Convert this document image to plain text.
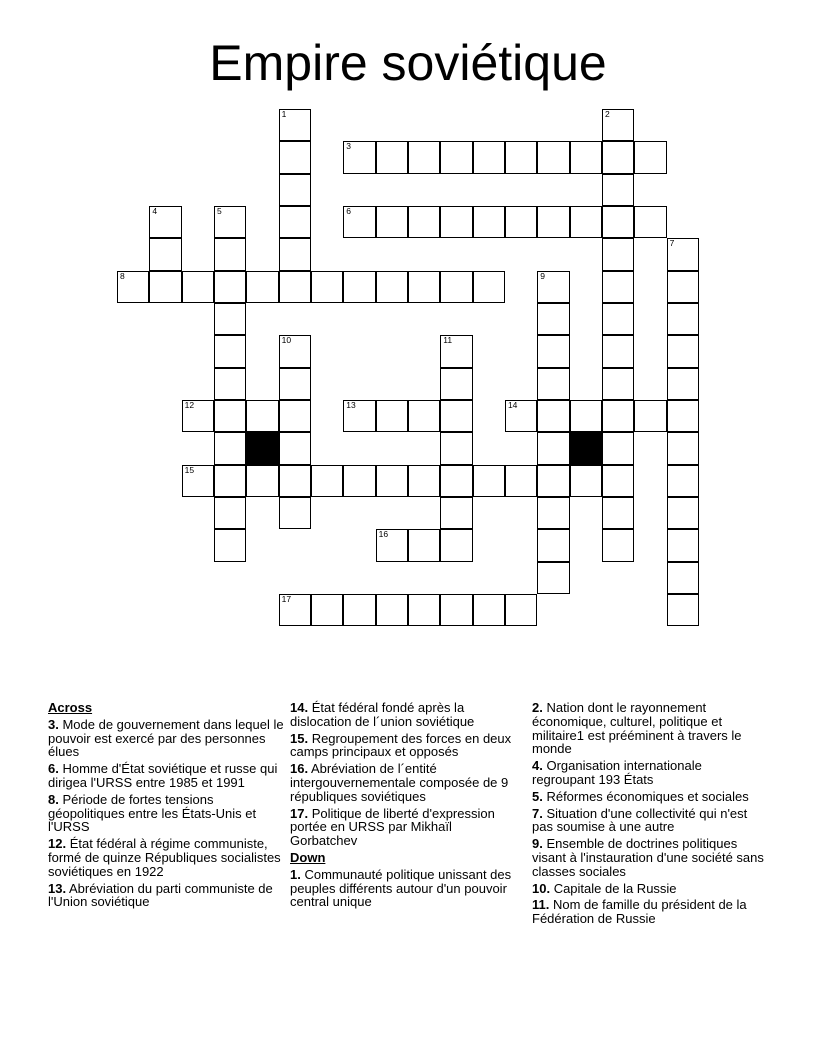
Empire soviétique
1	2
3
4	5	6
7
8	9
10	11
12	13	14
15
16
17
Across
3. Mode de gouvernement dans lequel le pouvoir est exercé par des personnes élues
6. Homme d'État soviétique et russe qui dirigea l'URSS entre 1985 et 1991
8. Période de fortes tensions géopolitiques entre les États-Unis et l'URSS
12. État fédéral à régime communiste, formé de quinze Républiques socialistes soviétiques en 1922
13. Abréviation du parti communiste de l'Union soviétique
14. État fédéral fondé après la dislocation de l´union soviétique
15. Regroupement des forces en deux camps principaux et opposés
16. Abréviation de l´entité intergouvernementale composée de 9 républiques soviétiques
17. Politique de liberté d'expression portée en URSS par Mikhaïl Gorbatchev
Down
1. Communauté politique unissant des peuples différents autour d'un pouvoir central unique
2. Nation dont le rayonnement économique, culturel, politique et militaire1 est prééminent à travers le monde
4. Organisation internationale regroupant 193 États
5. Réformes économiques et sociales
7. Situation d'une collectivité qui n'est pas soumise à une autre
9. Ensemble de doctrines politiques visant à l'instauration d'une société sans classes sociales
10. Capitale de la Russie
11. Nom de famille du président de la Fédération de Russie
